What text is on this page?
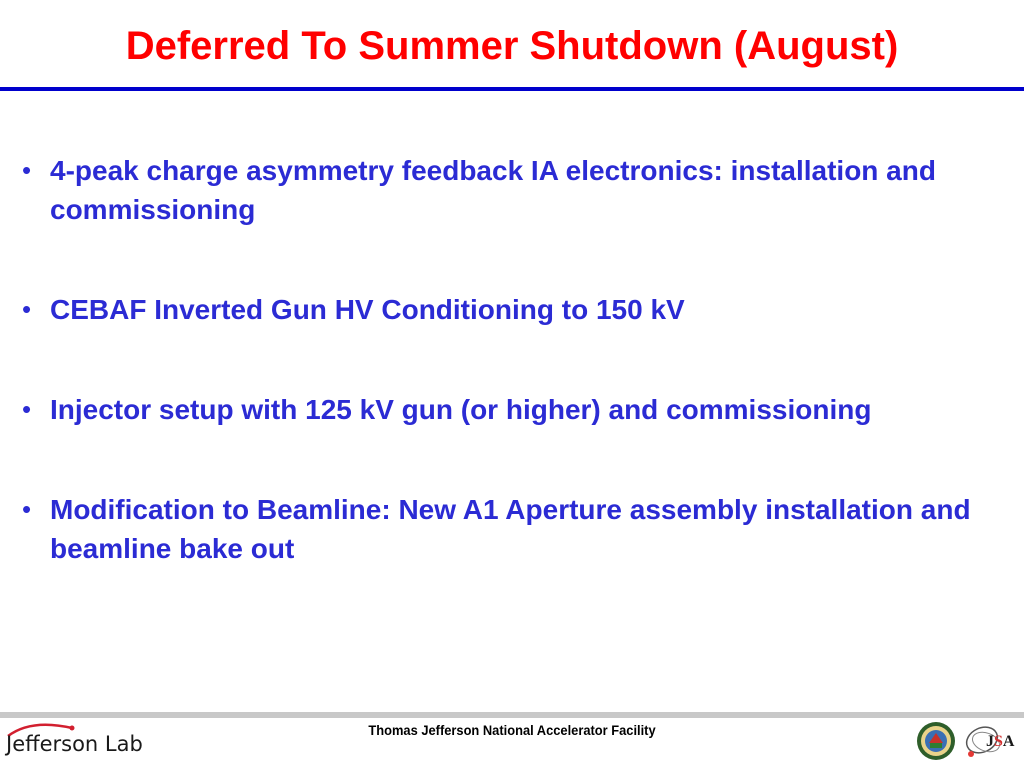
Deferred To Summer Shutdown (August)
• 4-peak charge asymmetry feedback IA electronics: installation and commissioning
• CEBAF Inverted Gun HV Conditioning to 150 kV
• Injector setup with 125 kV gun (or higher) and commissioning
• Modification to Beamline: New A1 Aperture assembly installation and beamline bake out
Jefferson Lab
Thomas Jefferson National Accelerator Facility
JSA
